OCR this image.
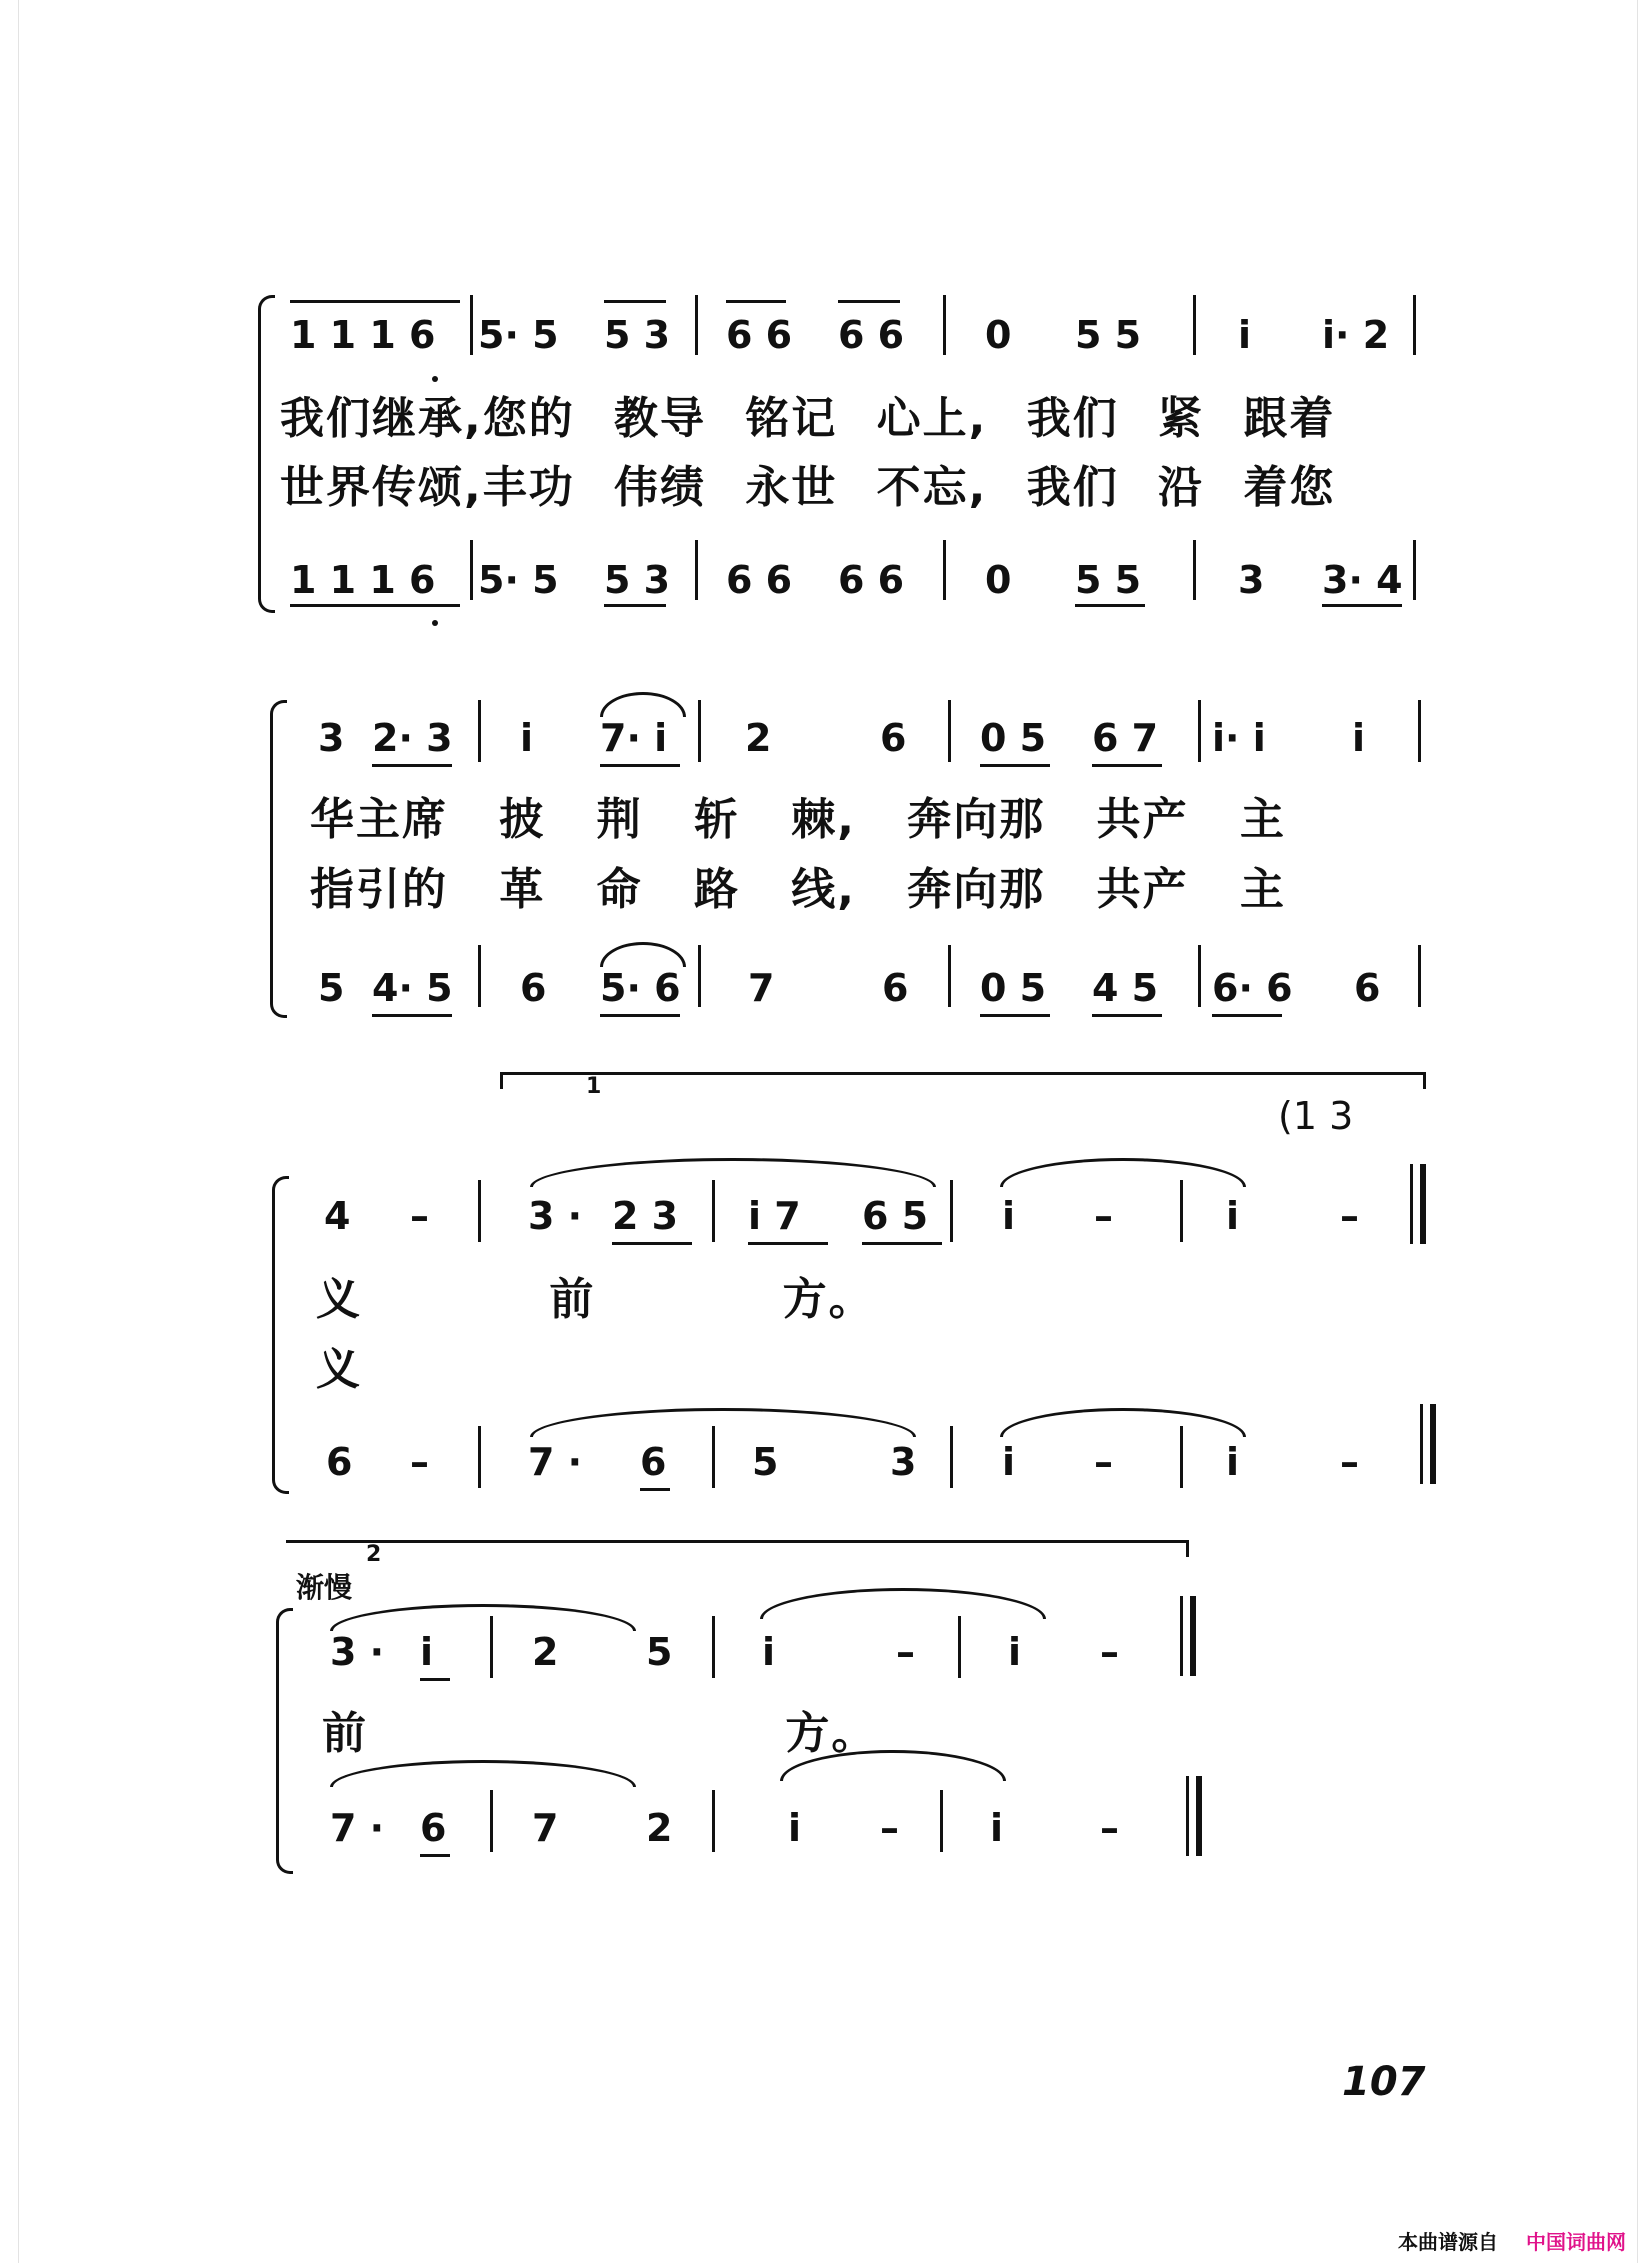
1 1 1 6 5· 5 5 3 6 6 6 6 0 5 5	i i· 2
我们继承,您的 教导 铭记 心上, 我们 紧 跟着
世界传颂,丰功 伟绩 永世 不忘, 我们 沿 着您
1 1 1 6 5· 5 5 3 6 6 6 6 0 5 5	3 3· 4
3 2· 3 i 7· i 2	6 0 5 6 7 i· i i
华主席 披 荆 斩 棘, 奔向那 共产 主
指引的 革 命 路 线, 奔向那 共产 主
5 4· 5 6 5· 6 7	6 0 5 4 5 6· 6 6
1
(1 3
4 –	3 · 2 3 i 7 6 5 i –	i	–
义 前 方。
义
6 –	7 · 6 5	3 i –	i	–
2
渐慢
3 · i	2 5 i	– i –
前 方。
7 · 6 7 2	i – i	–
107
本曲谱源自 中国词曲网
